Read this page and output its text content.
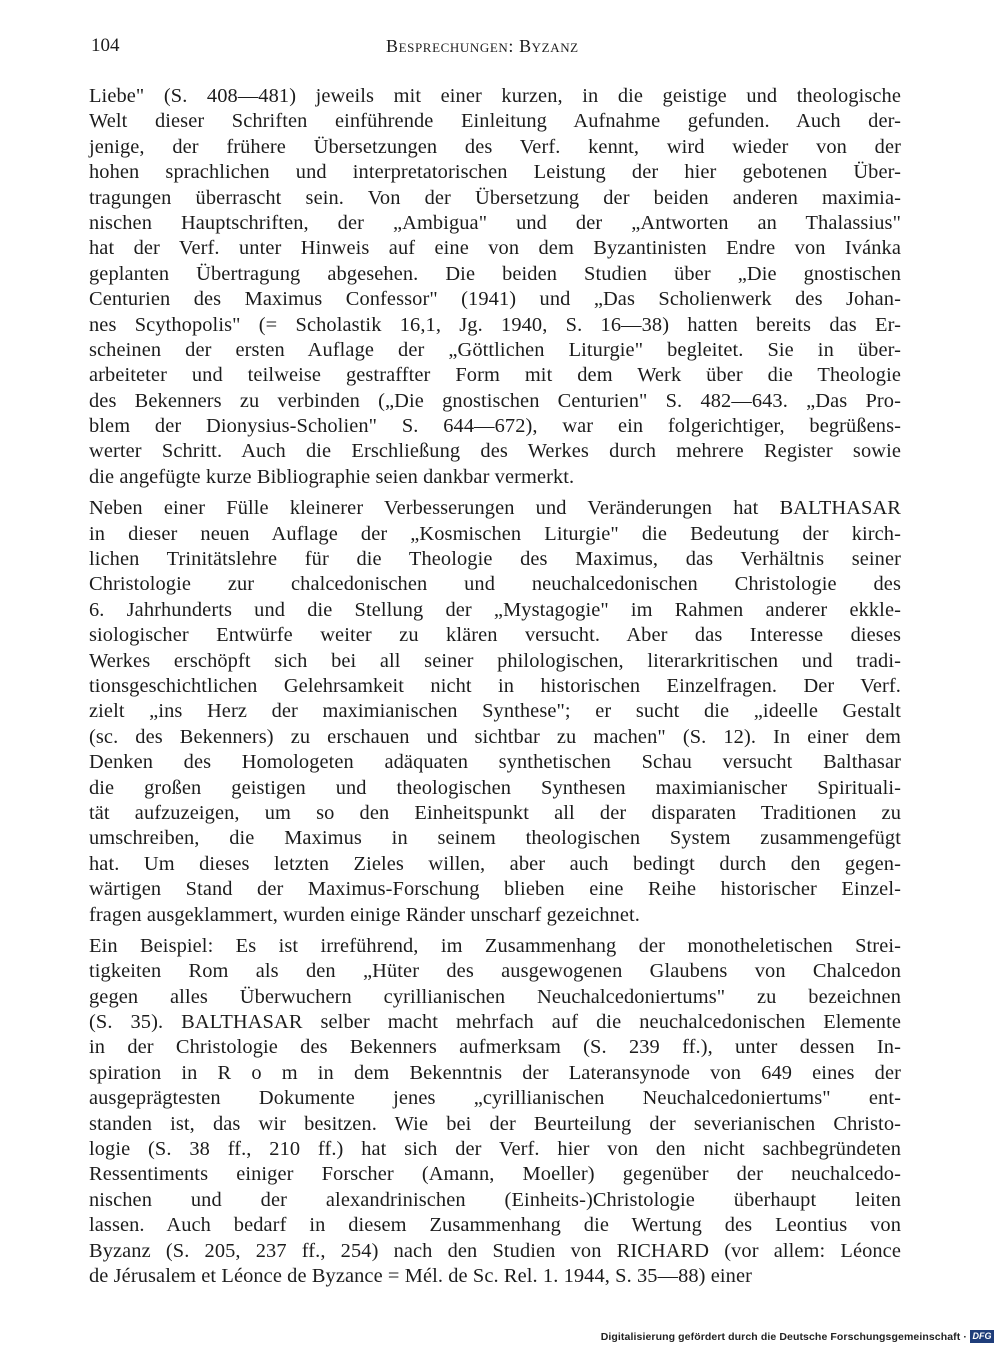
104	Besprechungen: Byzanz
Liebe" (S. 408—481) jeweils mit einer kurzen, in die geistige und theologische
Welt dieser Schriften einführende Einleitung Aufnahme gefunden. Auch der-
jenige, der frühere Übersetzungen des Verf. kennt, wird wieder von der
hohen sprachlichen und interpretatorischen Leistung der hier gebotenen Über-
tragungen überrascht sein. Von der Übersetzung der beiden anderen maximia-
nischen Hauptschriften, der „Ambigua" und der „Antworten an Thalassius"
hat der Verf. unter Hinweis auf eine von dem Byzantinisten Endre von Ivánka
geplanten Übertragung abgesehen. Die beiden Studien über „Die gnostischen
Centurien des Maximus Confessor" (1941) und „Das Scholienwerk des Johan-
nes Scythopolis" (= Scholastik 16,1, Jg. 1940, S. 16—38) hatten bereits das Er-
scheinen der ersten Auflage der „Göttlichen Liturgie" begleitet. Sie in über-
arbeiteter und teilweise gestraffter Form mit dem Werk über die Theologie
des Bekenners zu verbinden („Die gnostischen Centurien" S. 482—643. „Das Pro-
blem der Dionysius-Scholien" S. 644—672), war ein folgerichtiger, begrüßens-
werter Schritt. Auch die Erschließung des Werkes durch mehrere Register sowie
die angefügte kurze Bibliographie seien dankbar vermerkt.
Neben einer Fülle kleinerer Verbesserungen und Veränderungen hat BALTHASAR
in dieser neuen Auflage der „Kosmischen Liturgie" die Bedeutung der kirch-
lichen Trinitätslehre für die Theologie des Maximus, das Verhältnis seiner
Christologie zur chalcedonischen und neuchalcedonischen Christologie des
6. Jahrhunderts und die Stellung der „Mystagogie" im Rahmen anderer ekkle-
siologischer Entwürfe weiter zu klären versucht. Aber das Interesse dieses
Werkes erschöpft sich bei all seiner philologischen, literarkritischen und tradi-
tionsgeschichtlichen Gelehrsamkeit nicht in historischen Einzelfragen. Der Verf.
zielt „ins Herz der maximianischen Synthese"; er sucht die „ideelle Gestalt
(sc. des Bekenners) zu erschauen und sichtbar zu machen" (S. 12). In einer dem
Denken des Homologeten adäquaten synthetischen Schau versucht Balthasar
die großen geistigen und theologischen Synthesen maximianischer Spirituali-
tät aufzuzeigen, um so den Einheitspunkt all der disparaten Traditionen zu
umschreiben, die Maximus in seinem theologischen System zusammengefügt
hat. Um dieses letzten Zieles willen, aber auch bedingt durch den gegen-
wärtigen Stand der Maximus-Forschung blieben eine Reihe historischer Einzel-
fragen ausgeklammert, wurden einige Ränder unscharf gezeichnet.
Ein Beispiel: Es ist irreführend, im Zusammenhang der monotheletischen Strei-
tigkeiten Rom als den „Hüter des ausgewogenen Glaubens von Chalcedon
gegen alles Überwuchern cyrillianischen Neuchalcedoniertums" zu bezeichnen
(S. 35). BALTHASAR selber macht mehrfach auf die neuchalcedonischen Elemente
in der Christologie des Bekenners aufmerksam (S. 239 ff.), unter dessen In-
spiration in R o m in dem Bekenntnis der Lateransynode von 649 eines der
ausgeprägtesten Dokumente jenes „cyrillianischen Neuchalcedoniertums" ent-
standen ist, das wir besitzen. Wie bei der Beurteilung der severianischen Christo-
logie (S. 38 ff., 210 ff.) hat sich der Verf. hier von den nicht sachbegründeten
Ressentiments einiger Forscher (Amann, Moeller) gegenüber der neuchalcedo-
nischen und der alexandrinischen (Einheits-)Christologie überhaupt leiten
lassen. Auch bedarf in diesem Zusammenhang die Wertung des Leontius von
Byzanz (S. 205, 237 ff., 254) nach den Studien von RICHARD (vor allem: Léonce
de Jérusalem et Léonce de Byzance = Mél. de Sc. Rel. 1. 1944, S. 35—88) einer
Digitalisierung gefördert durch die Deutsche Forschungsgemeinschaft · DFG
